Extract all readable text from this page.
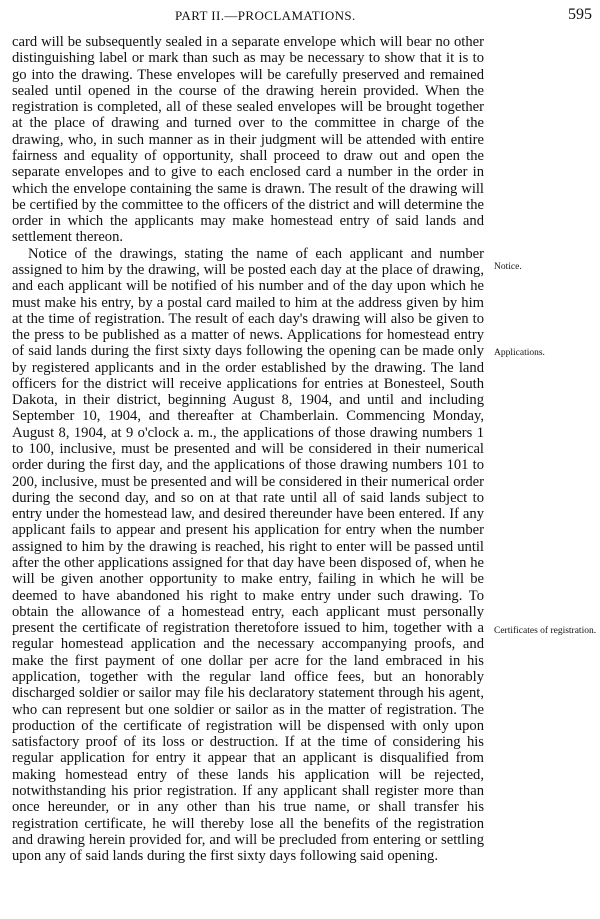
PART II.—PROCLAMATIONS.	595

card will be subsequently sealed in a separate envelope which will bear no other distinguishing label or mark than such as may be necessary to show that it is to go into the drawing. These envelopes will be carefully preserved and remained sealed until opened in the course of the drawing herein provided. When the registration is completed, all of these sealed envelopes will be brought together at the place of drawing and turned over to the committee in charge of the drawing, who, in such manner as in their judgment will be attended with entire fairness and equality of opportunity, shall proceed to draw out and open the separate envelopes and to give to each enclosed card a number in the order in which the envelope containing the same is drawn. The result of the drawing will be certified by the committee to the officers of the district and will determine the order in which the applicants may make homestead entry of said lands and settlement thereon.

Notice of the drawings, stating the name of each applicant and number assigned to him by the drawing, will be posted each day at the place of drawing, and each applicant will be notified of his number and of the day upon which he must make his entry, by a postal card mailed to him at the address given by him at the time of registration. The result of each day's drawing will also be given to the press to be published as a matter of news. Applications for homestead entry of said lands during the first sixty days following the opening can be made only by registered applicants and in the order established by the drawing. The land officers for the district will receive applications for entries at Bonesteel, South Dakota, in their district, beginning August 8, 1904, and until and including September 10, 1904, and thereafter at Chamberlain. Commencing Monday, August 8, 1904, at 9 o'clock a. m., the applications of those drawing numbers 1 to 100, inclusive, must be presented and will be considered in their numerical order during the first day, and the applications of those drawing numbers 101 to 200, inclusive, must be presented and will be considered in their numerical order during the second day, and so on at that rate until all of said lands subject to entry under the homestead law, and desired thereunder have been entered. If any applicant fails to appear and present his application for entry when the number assigned to him by the drawing is reached, his right to enter will be passed until after the other applications assigned for that day have been disposed of, when he will be given another opportunity to make entry, failing in which he will be deemed to have abandoned his right to make entry under such drawing. To obtain the allowance of a homestead entry, each applicant must personally present the certificate of registration theretofore issued to him, together with a regular homestead application and the necessary accompanying proofs, and make the first payment of one dollar per acre for the land embraced in his application, together with the regular land office fees, but an honorably discharged soldier or sailor may file his declaratory statement through his agent, who can represent but one soldier or sailor as in the matter of registration. The production of the certificate of registration will be dispensed with only upon satisfactory proof of its loss or destruction. If at the time of considering his regular application for entry it appear that an applicant is disqualified from making homestead entry of these lands his application will be rejected, notwithstanding his prior registration. If any applicant shall register more than once hereunder, or in any other than his true name, or shall transfer his registration certificate, he will thereby lose all the benefits of the registration and drawing herein provided for, and will be precluded from entering or settling upon any of said lands during the first sixty days following said opening.

Notice.
Applications.
Certificates of registration.
